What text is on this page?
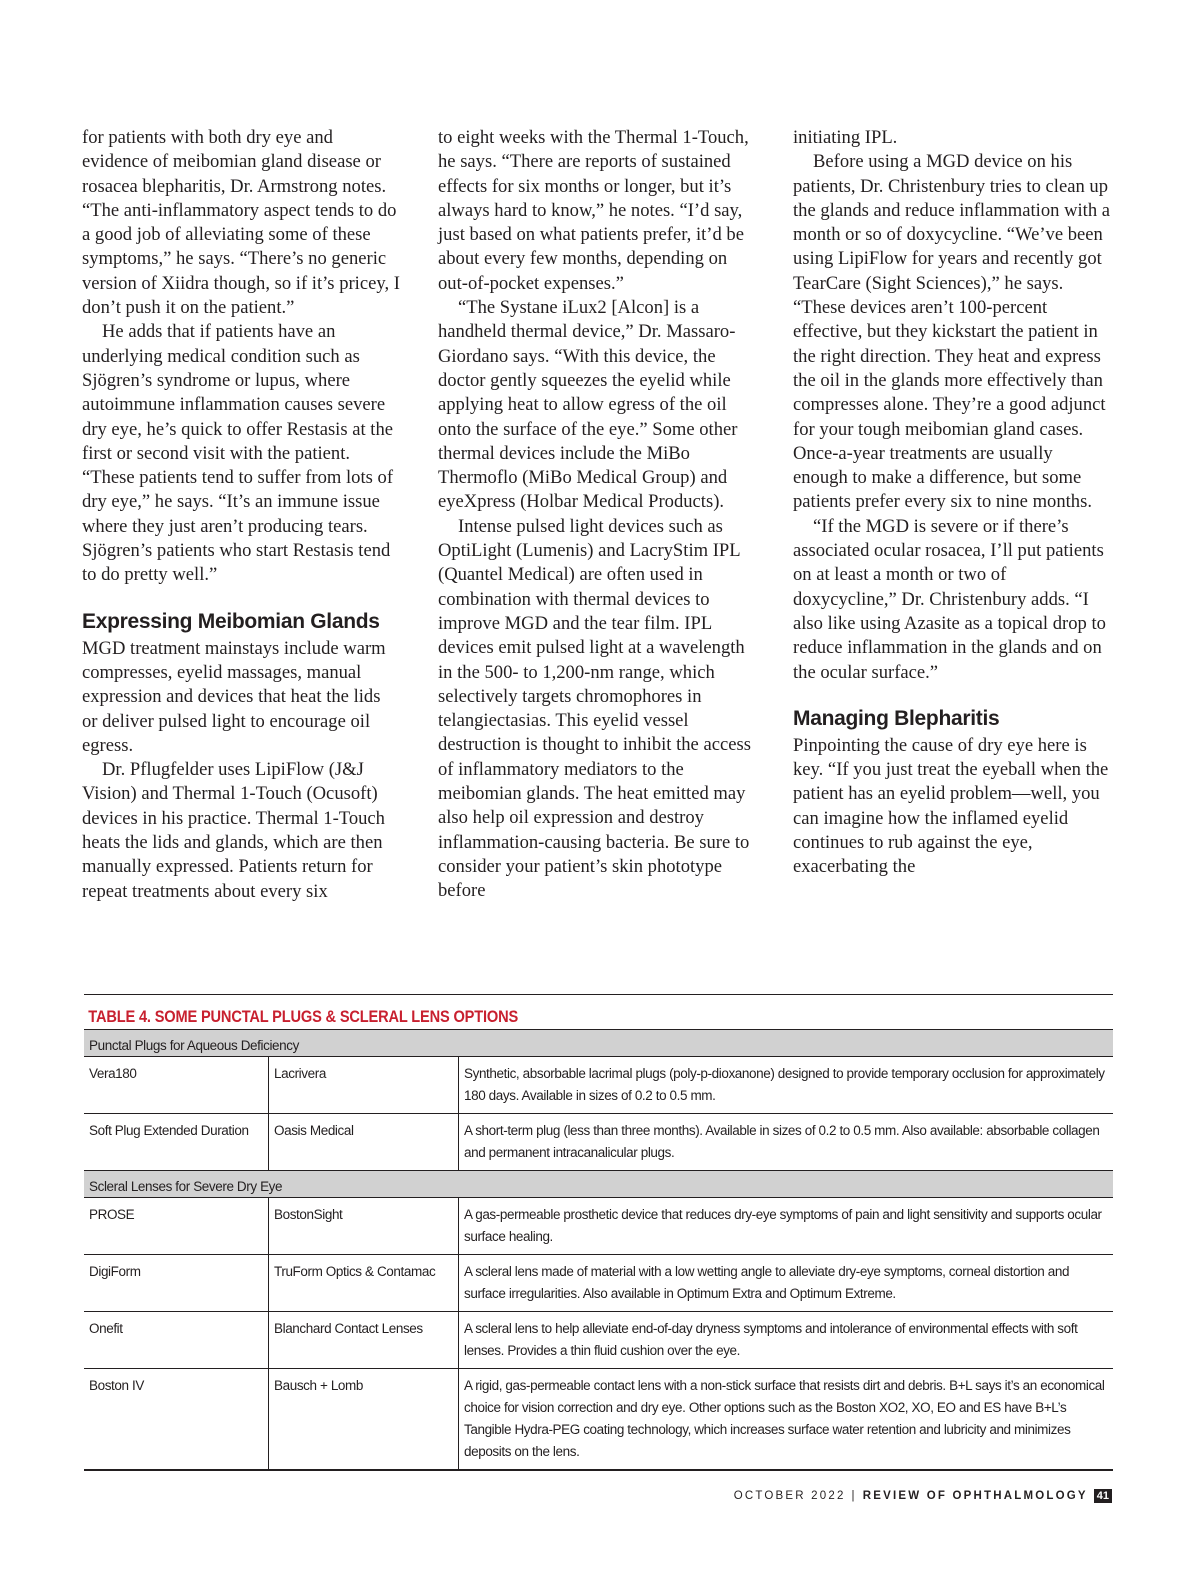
for patients with both dry eye and evidence of meibomian gland disease or rosacea blepharitis, Dr. Armstrong notes. “The anti-inflammatory aspect tends to do a good job of alleviating some of these symptoms,” he says. “There’s no generic version of Xiidra though, so if it’s pricey, I don’t push it on the patient.”

He adds that if patients have an underlying medical condition such as Sjögren’s syndrome or lupus, where autoimmune inflammation causes severe dry eye, he’s quick to offer Restasis at the first or second visit with the patient. “These patients tend to suffer from lots of dry eye,” he says. “It’s an immune issue where they just aren’t producing tears. Sjögren’s patients who start Restasis tend to do pretty well.”

Expressing Meibomian Glands

MGD treatment mainstays include warm compresses, eyelid massages, manual expression and devices that heat the lids or deliver pulsed light to encourage oil egress.

Dr. Pflugfelder uses LipiFlow (J&J Vision) and Thermal 1-Touch (Ocusoft) devices in his practice. Thermal 1-Touch heats the lids and glands, which are then manually expressed. Patients return for repeat treatments about every six

to eight weeks with the Thermal 1-Touch, he says. “There are reports of sustained effects for six months or longer, but it’s always hard to know,” he notes. “I’d say, just based on what patients prefer, it’d be about every few months, depending on out-of-pocket expenses.”

“The Systane iLux2 [Alcon] is a handheld thermal device,” Dr. Massaro-Giordano says. “With this device, the doctor gently squeezes the eyelid while applying heat to allow egress of the oil onto the surface of the eye.” Some other thermal devices include the MiBo Thermoflo (MiBo Medical Group) and eyeXpress (Holbar Medical Products).

Intense pulsed light devices such as OptiLight (Lumenis) and LacryStim IPL (Quantel Medical) are often used in combination with thermal devices to improve MGD and the tear film. IPL devices emit pulsed light at a wavelength in the 500- to 1,200-nm range, which selectively targets chromophores in telangiectasias. This eyelid vessel destruction is thought to inhibit the access of inflammatory mediators to the meibomian glands. The heat emitted may also help oil expression and destroy inflammation-causing bacteria. Be sure to consider your patient’s skin phototype before

initiating IPL.

Before using a MGD device on his patients, Dr. Christenbury tries to clean up the glands and reduce inflammation with a month or so of doxycycline. “We’ve been using LipiFlow for years and recently got TearCare (Sight Sciences),” he says. “These devices aren’t 100-percent effective, but they kickstart the patient in the right direction. They heat and express the oil in the glands more effectively than compresses alone. They’re a good adjunct for your tough meibomian gland cases. Once-a-year treatments are usually enough to make a difference, but some patients prefer every six to nine months.

“If the MGD is severe or if there’s associated ocular rosacea, I’ll put patients on at least a month or two of doxycycline,” Dr. Christenbury adds. “I also like using Azasite as a topical drop to reduce inflammation in the glands and on the ocular surface.”

Managing Blepharitis

Pinpointing the cause of dry eye here is key. “If you just treat the eyeball when the patient has an eyelid problem—well, you can imagine how the inflamed eyelid continues to rub against the eye, exacerbating the

TABLE 4. SOME PUNCTAL PLUGS & SCLERAL LENS OPTIONS
Punctal Plugs for Aqueous Deficiency		
Vera180	Lacrivera	Synthetic, absorbable lacrimal plugs (poly-p-dioxanone) designed to provide temporary occlusion for approximately 180 days. Available in sizes of 0.2 to 0.5 mm.
Soft Plug Extended Duration	Oasis Medical	A short-term plug (less than three months). Available in sizes of 0.2 to 0.5 mm. Also available: absorbable collagen and permanent intracanalicular plugs.
Scleral Lenses for Severe Dry Eye		
PROSE	BostonSight	A gas-permeable prosthetic device that reduces dry-eye symptoms of pain and light sensitivity and supports ocular surface healing.
DigiForm	TruForm Optics & Contamac	A scleral lens made of material with a low wetting angle to alleviate dry-eye symptoms, corneal distortion and surface irregularities. Also available in Optimum Extra and Optimum Extreme.
Onefit	Blanchard Contact Lenses	A scleral lens to help alleviate end-of-day dryness symptoms and intolerance of environmental effects with soft lenses. Provides a thin fluid cushion over the eye.
Boston IV	Bausch + Lomb	A rigid, gas-permeable contact lens with a non-stick surface that resists dirt and debris. B+L says it’s an economical choice for vision correction and dry eye. Other options such as the Boston XO2, XO, EO and ES have B+L’s Tangible Hydra-PEG coating technology, which increases surface water retention and lubricity and minimizes deposits on the lens.
OCTOBER 2022 | REVIEW OF OPHTHALMOLOGY 41
